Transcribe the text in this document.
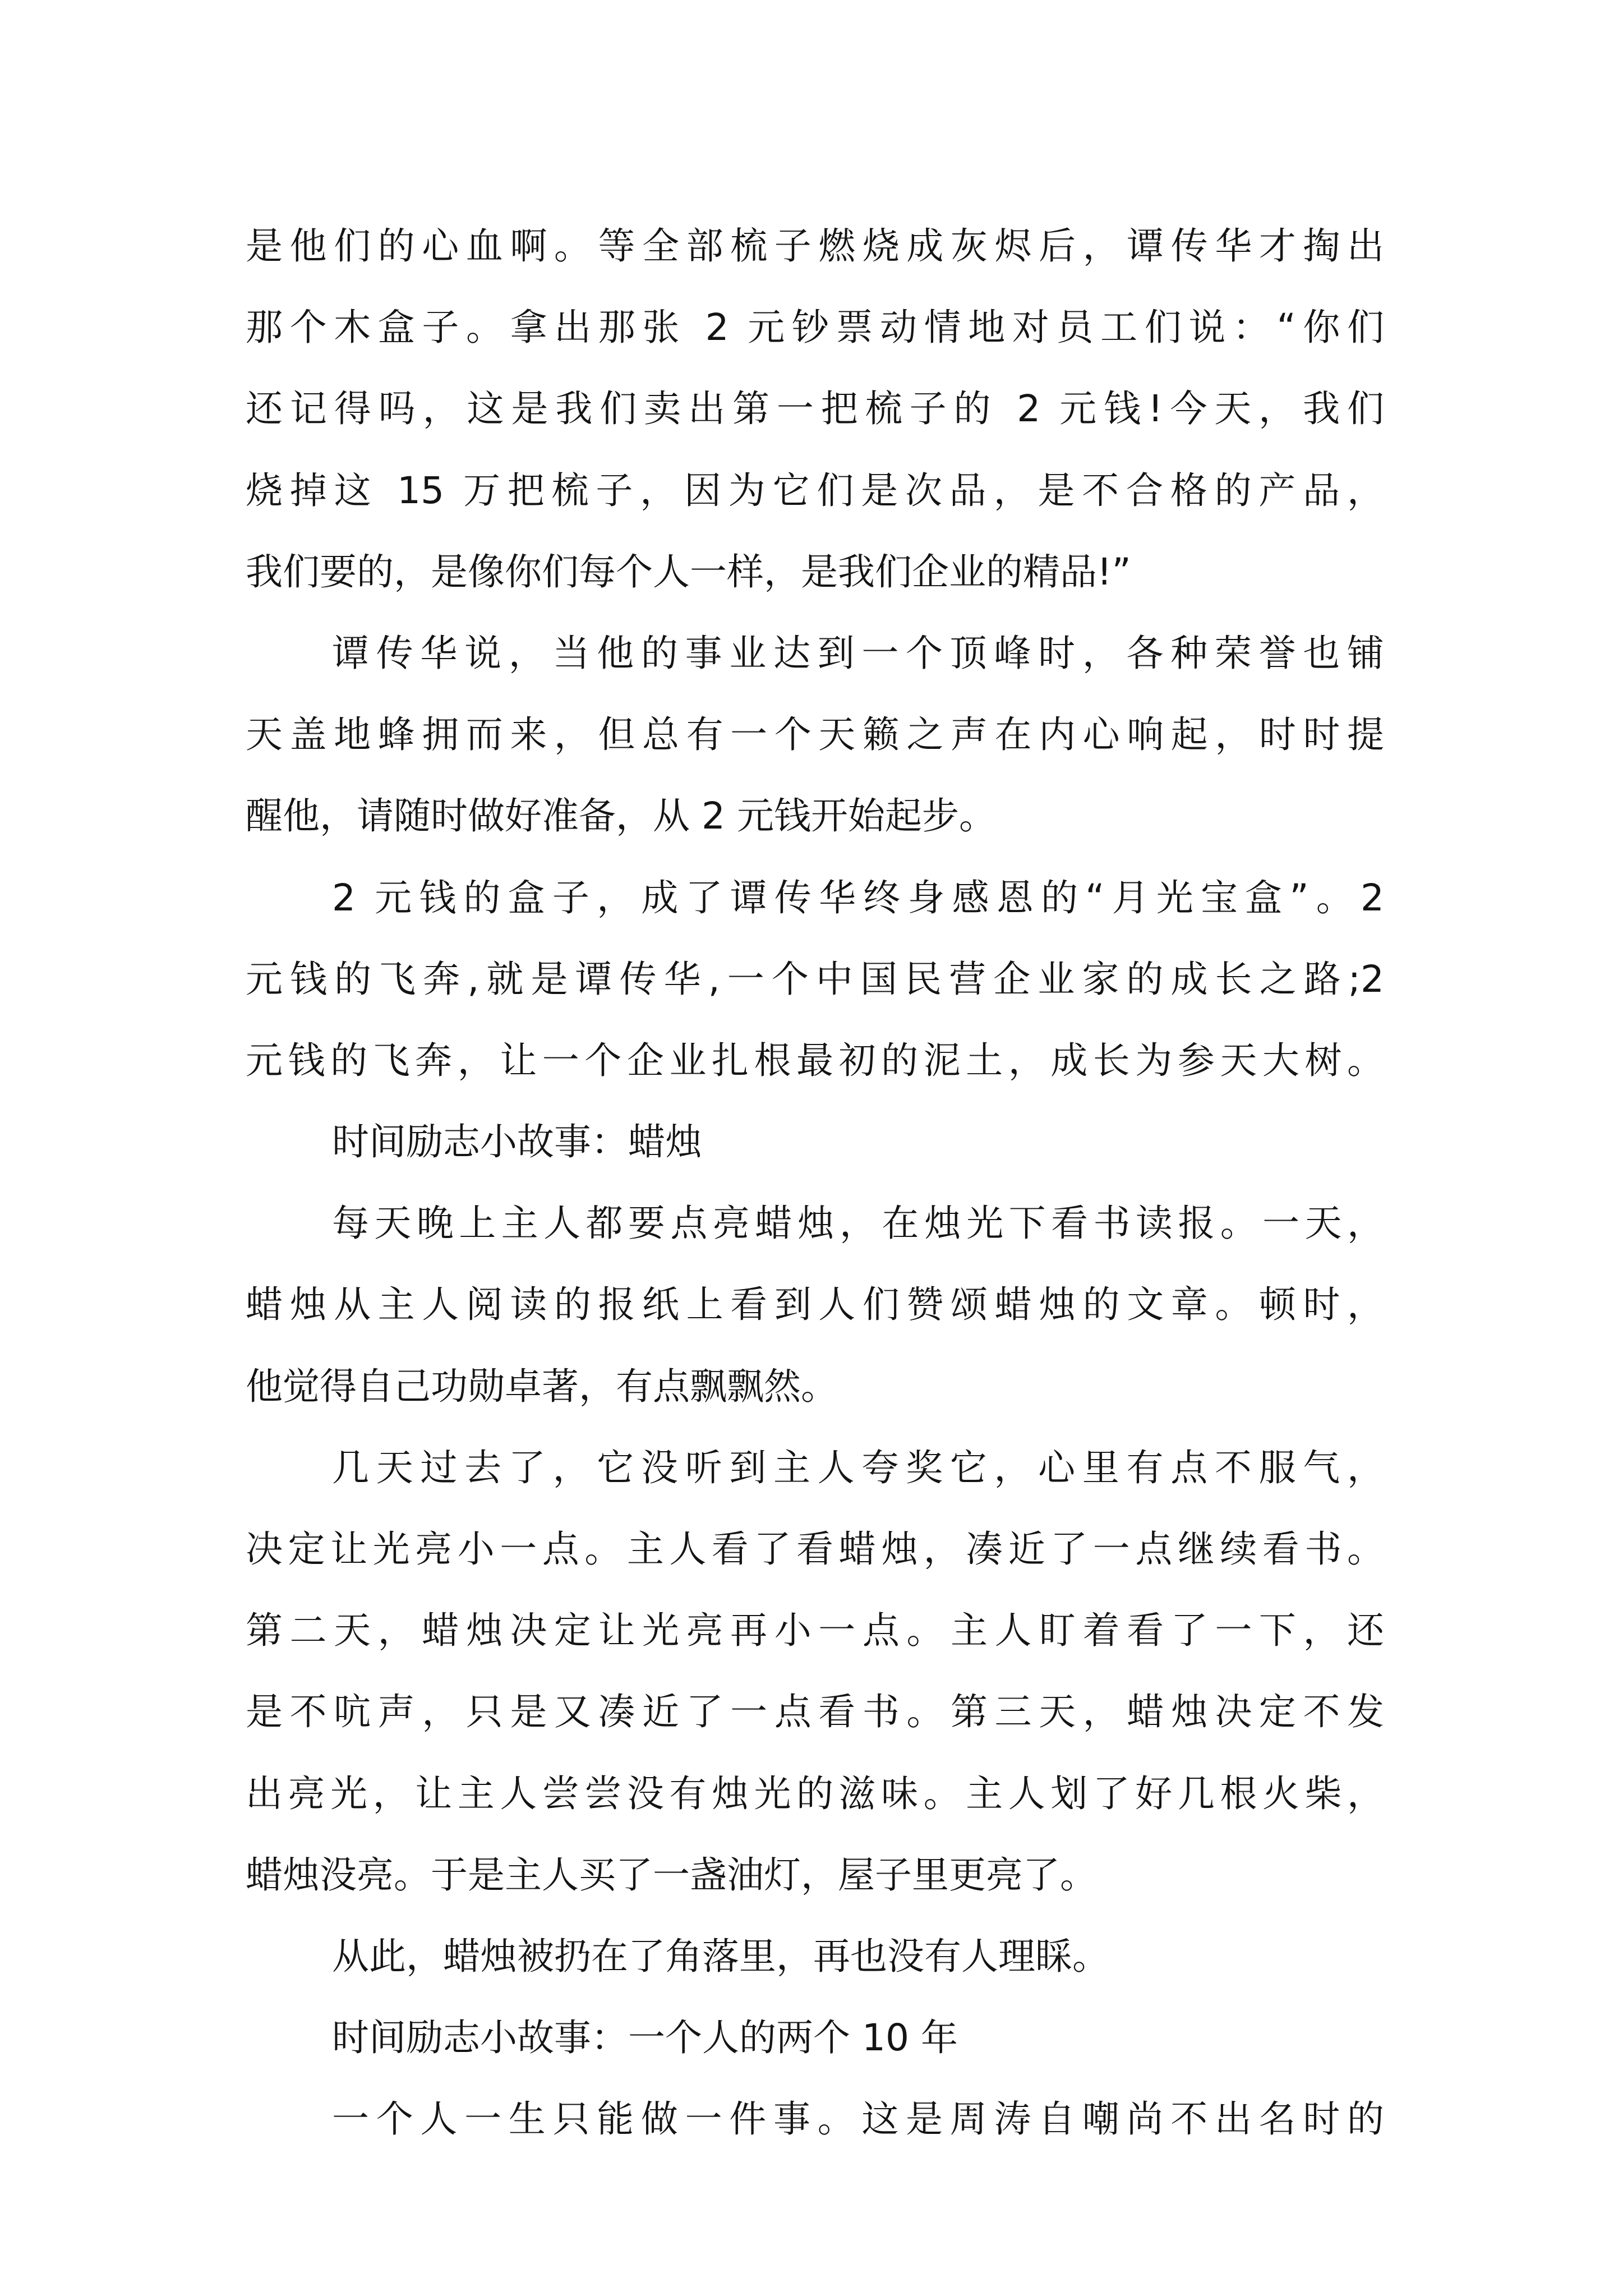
是他们的心血啊。等全部梳子燃烧成灰烬后，谭传华才掏出
那个木盒子。拿出那张 2 元钞票动情地对员工们说：“你们
还记得吗，这是我们卖出第一把梳子的 2 元钱!今天，我们
烧掉这 15 万把梳子，因为它们是次品，是不合格的产品，
我们要的，是像你们每个人一样，是我们企业的精品!”
谭传华说，当他的事业达到一个顶峰时，各种荣誉也铺
天盖地蜂拥而来，但总有一个天籁之声在内心响起，时时提
醒他，请随时做好准备，从 2 元钱开始起步。
2 元钱的盒子，成了谭传华终身感恩的“月光宝盒”。2
元钱的飞奔,就是谭传华,一个中国民营企业家的成长之路;2
元钱的飞奔，让一个企业扎根最初的泥土，成长为参天大树。
时间励志小故事：蜡烛
每天晚上主人都要点亮蜡烛，在烛光下看书读报。一天，
蜡烛从主人阅读的报纸上看到人们赞颂蜡烛的文章。顿时，
他觉得自己功勋卓著，有点飘飘然。
几天过去了，它没听到主人夸奖它，心里有点不服气，
决定让光亮小一点。主人看了看蜡烛，凑近了一点继续看书。
第二天，蜡烛决定让光亮再小一点。主人盯着看了一下，还
是不吭声，只是又凑近了一点看书。第三天，蜡烛决定不发
出亮光，让主人尝尝没有烛光的滋味。主人划了好几根火柴，
蜡烛没亮。于是主人买了一盏油灯，屋子里更亮了。
从此，蜡烛被扔在了角落里，再也没有人理睬。
时间励志小故事：一个人的两个 10 年
一个人一生只能做一件事。这是周涛自嘲尚不出名时的
